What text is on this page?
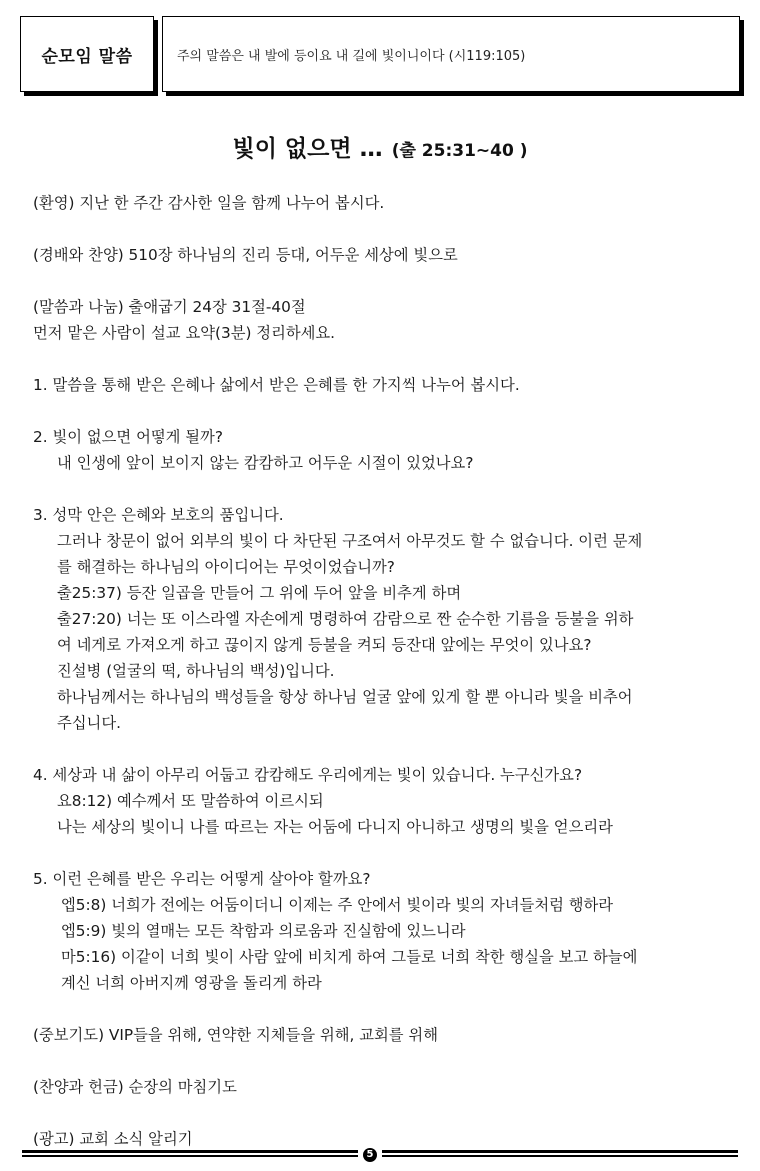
순모임 말씀	주의 말씀은 내 발에 등이요 내 길에 빛이니이다 (시119:105)
빛이 없으면 … (출 25:31~40 )

(환영) 지난 한 주간 감사한 일을 함께 나누어 봅시다.

(경배와 찬양) 510장 하나님의 진리 등대, 어두운 세상에 빛으로

(말씀과 나눔) 출애굽기 24장 31절-40절

먼저 맡은 사람이 설교 요약(3분) 정리하세요.

1. 말씀을 통해 받은 은혜나 삶에서 받은 은혜를 한 가지씩 나누어 봅시다.

2. 빛이 없으면 어떻게 될까?

내 인생에 앞이 보이지 않는 캄캄하고 어두운 시절이 있었나요?

3. 성막 안은 은혜와 보호의 품입니다.

그러나 창문이 없어 외부의 빛이 다 차단된 구조여서 아무것도 할 수 없습니다. 이런 문제

를 해결하는 하나님의 아이디어는 무엇이었습니까?

출25:37) 등잔 일곱을 만들어 그 위에 두어 앞을 비추게 하며

출27:20) 너는 또 이스라엘 자손에게 명령하여 감람으로 짠 순수한 기름을 등불을 위하

여 네게로 가져오게 하고 끊이지 않게 등불을 켜되 등잔대 앞에는 무엇이 있나요?

진설병 (얼굴의 떡, 하나님의 백성)입니다.

하나님께서는 하나님의 백성들을 항상 하나님 얼굴 앞에 있게 할 뿐 아니라 빛을 비추어

주십니다.

4. 세상과 내 삶이 아무리 어둡고 캄캄해도 우리에게는 빛이 있습니다. 누구신가요?

요8:12) 예수께서 또 말씀하여 이르시되

나는 세상의 빛이니 나를 따르는 자는 어둠에 다니지 아니하고 생명의 빛을 얻으리라

5. 이런 은혜를 받은 우리는 어떻게 살아야 할까요?

엡5:8) 너희가 전에는 어둠이더니 이제는 주 안에서 빛이라 빛의 자녀들처럼 행하라

엡5:9) 빛의 열매는 모든 착함과 의로움과 진실함에 있느니라

마5:16) 이같이 너희 빛이 사람 앞에 비치게 하여 그들로 너희 착한 행실을 보고 하늘에

계신 너희 아버지께 영광을 돌리게 하라

(중보기도) VIP들을 위해, 연약한 지체들을 위해, 교회를 위해

(찬양과 헌금) 순장의 마침기도

(광고) 교회 소식 알리기

5
